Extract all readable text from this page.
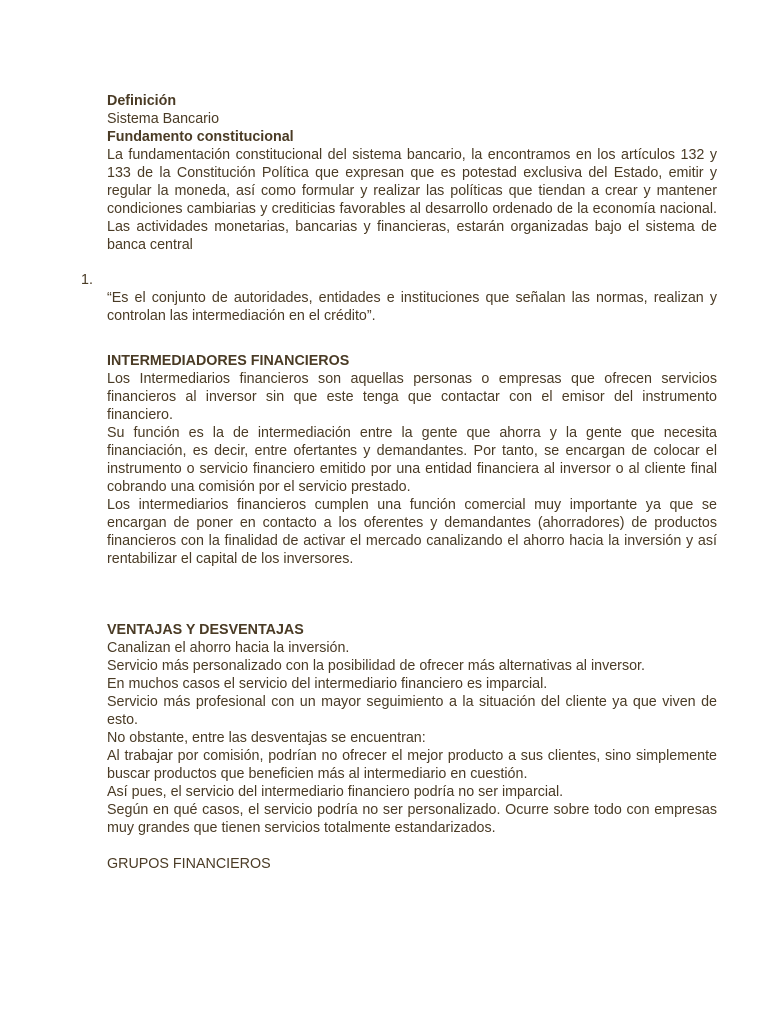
Definición
Sistema Bancario
Fundamento constitucional
La fundamentación constitucional del sistema bancario, la encontramos en los artículos 132 y 133 de la Constitución Política que expresan que es potestad exclusiva del Estado, emitir y regular la moneda, así como formular y realizar las políticas que tiendan a crear y mantener condiciones cambiarias y crediticias favorables al desarrollo ordenado de la economía nacional. Las actividades monetarias, bancarias y financieras, estarán organizadas bajo el sistema de banca central
1.
“Es el conjunto de autoridades, entidades e instituciones que señalan las normas, realizan y controlan las intermediación en el crédito”.
INTERMEDIADORES FINANCIEROS
Los Intermediarios financieros son aquellas personas o empresas que ofrecen servicios financieros al inversor sin que este tenga que contactar con el emisor del instrumento financiero.
Su función es la de intermediación entre la gente que ahorra y la gente que necesita financiación, es decir, entre ofertantes y demandantes. Por tanto, se encargan de colocar el instrumento o servicio financiero emitido por una entidad financiera al inversor o al cliente final cobrando una comisión por el servicio prestado.
Los intermediarios financieros cumplen una función comercial muy importante ya que se encargan de poner en contacto a los oferentes y demandantes (ahorradores) de productos financieros con la finalidad de activar el mercado canalizando el ahorro hacia la inversión y así rentabilizar el capital de los inversores.
VENTAJAS Y DESVENTAJAS
Canalizan el ahorro hacia la inversión.
Servicio más personalizado con la posibilidad de ofrecer más alternativas al inversor.
En muchos casos el servicio del intermediario financiero es imparcial.
Servicio más profesional con un mayor seguimiento a la situación del cliente ya que viven de esto.
No obstante, entre las desventajas se encuentran:
Al trabajar por comisión, podrían no ofrecer el mejor producto a sus clientes, sino simplemente buscar productos que beneficien más al intermediario en cuestión.
Así pues, el servicio del intermediario financiero podría no ser imparcial.
Según en qué casos, el servicio podría no ser personalizado. Ocurre sobre todo con empresas muy grandes que tienen servicios totalmente estandarizados.
GRUPOS FINANCIEROS
